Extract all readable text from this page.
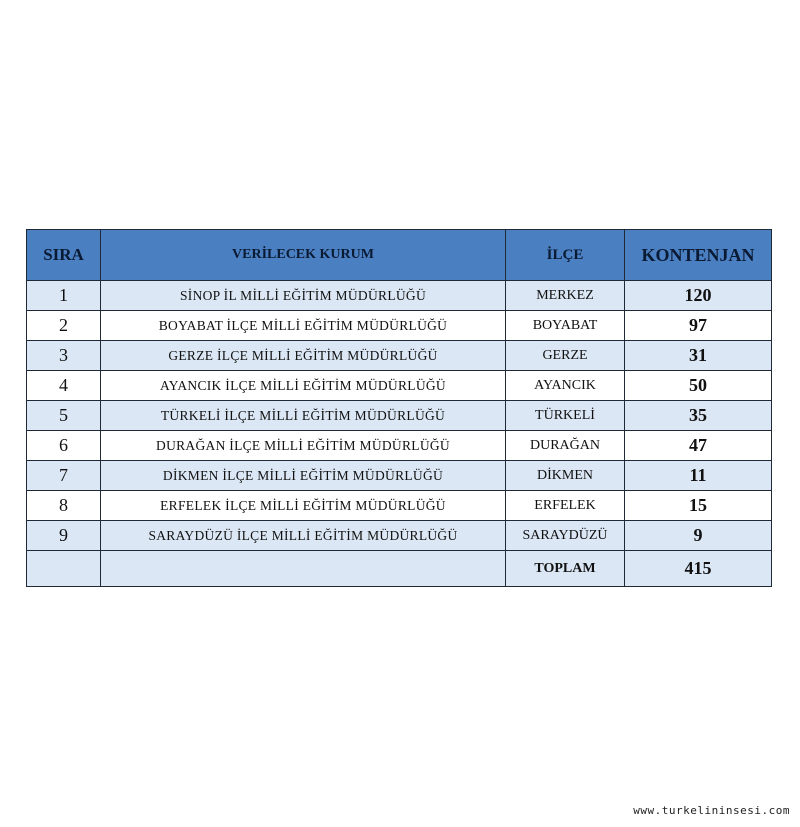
SIRA	VERİLECEK KURUM	İLÇE	KONTENJAN
1	SİNOP İL MİLLİ EĞİTİM MÜDÜRLÜĞÜ	MERKEZ	120
2	BOYABAT İLÇE MİLLİ EĞİTİM MÜDÜRLÜĞÜ	BOYABAT	97
3	GERZE İLÇE MİLLİ EĞİTİM MÜDÜRLÜĞÜ	GERZE	31
4	AYANCIK İLÇE MİLLİ EĞİTİM MÜDÜRLÜĞÜ	AYANCIK	50
5	TÜRKELİ İLÇE MİLLİ EĞİTİM MÜDÜRLÜĞÜ	TÜRKELİ	35
6	DURAĞAN İLÇE MİLLİ EĞİTİM MÜDÜRLÜĞÜ	DURAĞAN	47
7	DİKMEN İLÇE MİLLİ EĞİTİM MÜDÜRLÜĞÜ	DİKMEN	11
8	ERFELEK İLÇE MİLLİ EĞİTİM MÜDÜRLÜĞÜ	ERFELEK	15
9	SARAYDÜZÜ İLÇE MİLLİ EĞİTİM MÜDÜRLÜĞÜ	SARAYDÜZÜ	9
		TOPLAM	415
www.turkelininsesi.com
